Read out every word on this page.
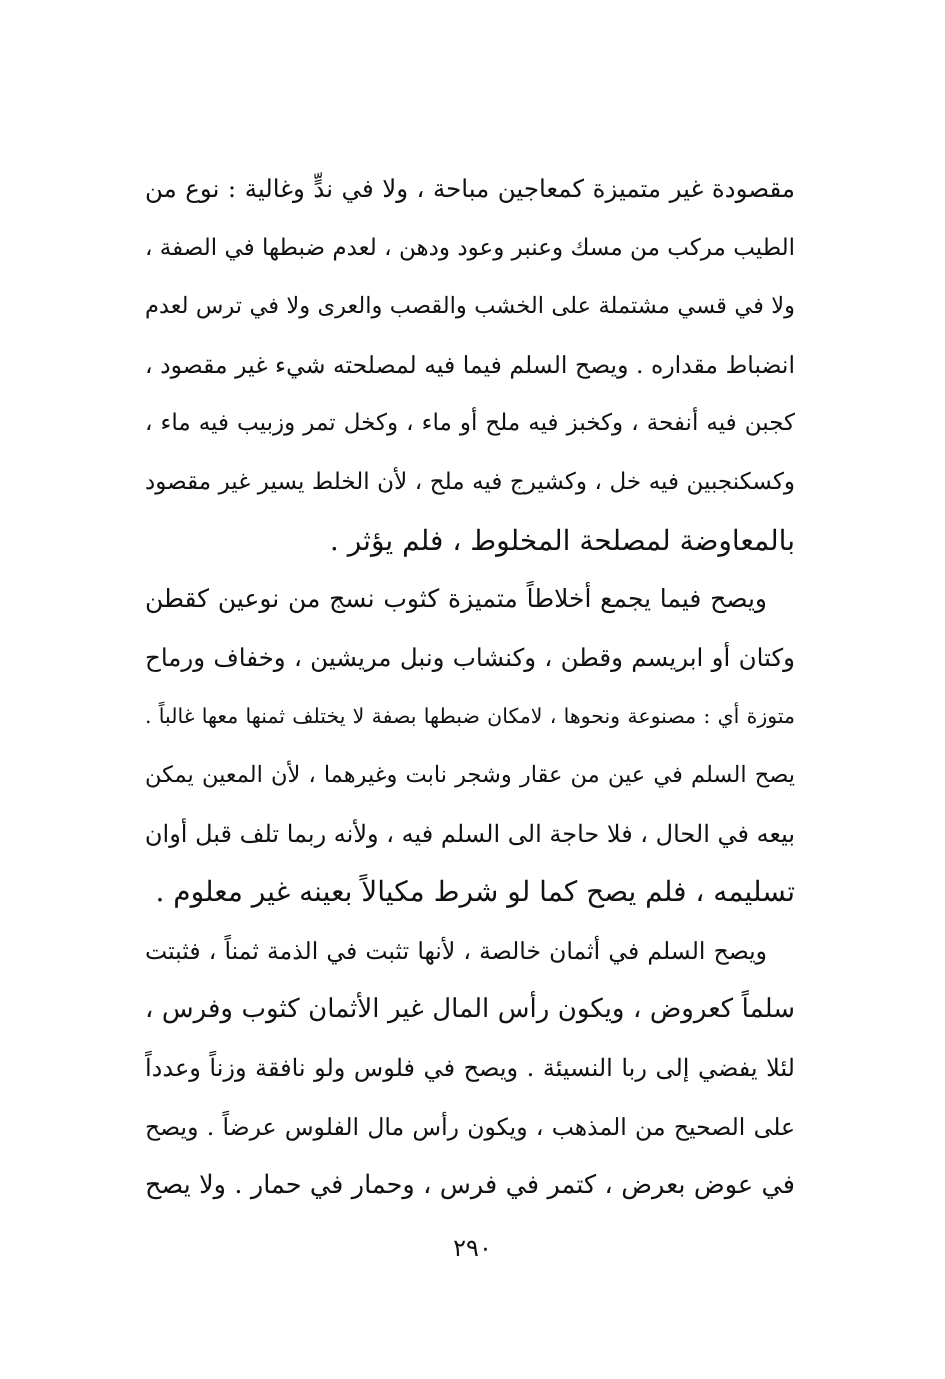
مقصودة غير متميزة كمعاجين مباحة ، ولا في ندٍّ وغالية : نوع من
الطيب مركب من مسك وعنبر وعود ودهن ، لعدم ضبطها في الصفة ،
ولا في قسي مشتملة على الخشب والقصب والعرى ولا في ترس لعدم
انضباط مقداره . ويصح السلم فيما فيه لمصلحته شيء غير مقصود ،
كجبن فيه أنفحة ، وكخبز فيه ملح أو ماء ، وكخل تمر وزبيب فيه ماء ،
وكسكنجبين فيه خل ، وكشيرج فيه ملح ، لأن الخلط يسير غير مقصود
بالمعاوضة لمصلحة المخلوط ، فلم يؤثر .
ويصح فيما يجمع أخلاطاً متميزة كثوب نسج من نوعين كقطن
وكتان أو ابريسم وقطن ، وكنشاب ونبل مريشين ، وخفاف ورماح
متوزة أي : مصنوعة ونحوها ، لامكان ضبطها بصفة لا يختلف ثمنها معها غالباً .
يصح السلم في عين من عقار وشجر نابت وغيرهما ، لأن المعين يمكن
بيعه في الحال ، فلا حاجة الى السلم فيه ، ولأنه ربما تلف قبل أوان
تسليمه ، فلم يصح كما لو شرط مكيالاً بعينه غير معلوم .
ويصح السلم في أثمان خالصة ، لأنها تثبت في الذمة ثمناً ، فثبتت
سلماً كعروض ، ويكون رأس المال غير الأثمان كثوب وفرس ،
لئلا يفضي إلى ربا النسيئة . ويصح في فلوس ولو نافقة وزناً وعدداً
على الصحيح من المذهب ، ويكون رأس مال الفلوس عرضاً . ويصح
في عوض بعرض ، كتمر في فرس ، وحمار في حمار . ولا يصح
٢٩٠
